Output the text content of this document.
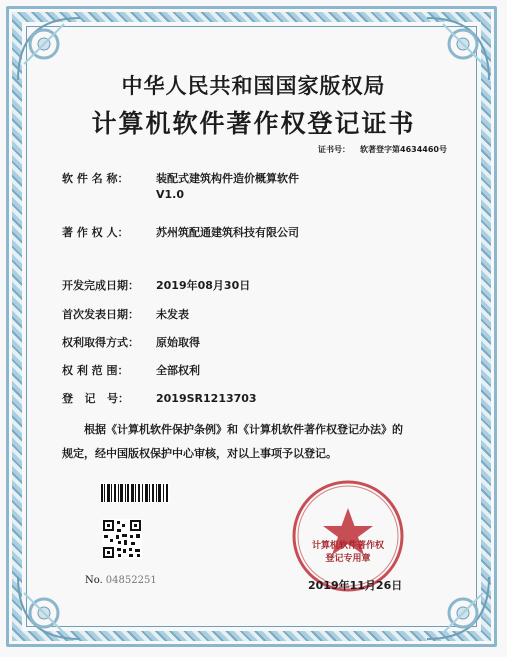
中华人民共和国国家版权局
计算机软件著作权登记证书
证书号： 软著登字第4634460号
软 件 名 称：	装配式建筑构件造价概算软件
V1.0
著 作 权 人：	苏州筑配通建筑科技有限公司
开发完成日期： 2019年08月30日
首次发表日期： 未发表
权利取得方式： 原始取得
权 利 范 围：	全部权利
登   记   号： 2019SR1213703
根据《计算机软件保护条例》和《计算机软件著作权登记办法》的
规定，经中国版权保护中心审核，对以上事项予以登记。
No. 04852251
计算机软件著作权
登记专用章
2019年11月26日
